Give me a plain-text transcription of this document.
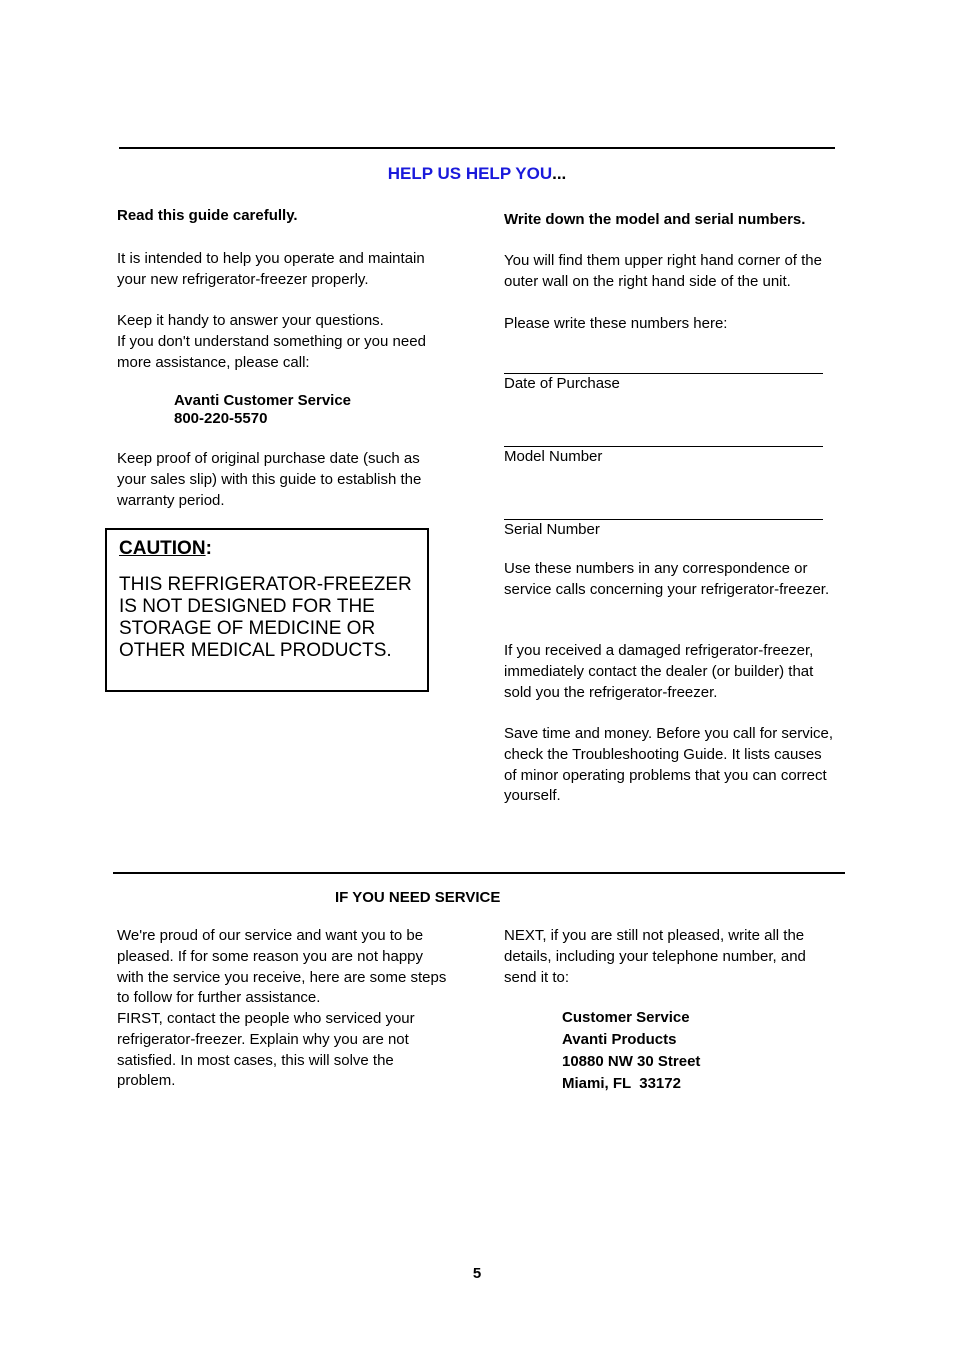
HELP US HELP YOU...
Read this guide carefully.
It is intended to help you operate and maintain your new refrigerator-freezer properly.
Keep it handy to answer your questions.
If you don't understand something or you need more assistance, please call:
Avanti Customer Service
800-220-5570
Keep proof of original purchase date (such as your sales slip) with this guide to establish the warranty period.
CAUTION:
THIS REFRIGERATOR-FREEZER IS NOT DESIGNED FOR THE STORAGE OF MEDICINE OR OTHER MEDICAL PRODUCTS.
Write down the model and serial numbers.
You will find them upper right hand corner of the outer wall on the right hand side of the unit.
Please write these numbers here:
Date of Purchase
Model Number
Serial Number
Use these numbers in any correspondence or service calls concerning your refrigerator-freezer.
If you received a damaged refrigerator-freezer, immediately contact the dealer (or builder) that sold you the refrigerator-freezer.
Save time and money. Before you call for service, check the Troubleshooting Guide. It lists causes of minor operating problems that you can correct yourself.
IF YOU NEED SERVICE
We're proud of our service and want you to be pleased. If for some reason you are not happy with the service you receive, here are some steps to follow for further assistance.
FIRST, contact the people who serviced your refrigerator-freezer. Explain why you are not satisfied. In most cases, this will solve the problem.
NEXT, if you are still not pleased, write all the details, including your telephone number, and send it to:
Customer Service
Avanti Products
10880 NW 30 Street
Miami, FL  33172
5
